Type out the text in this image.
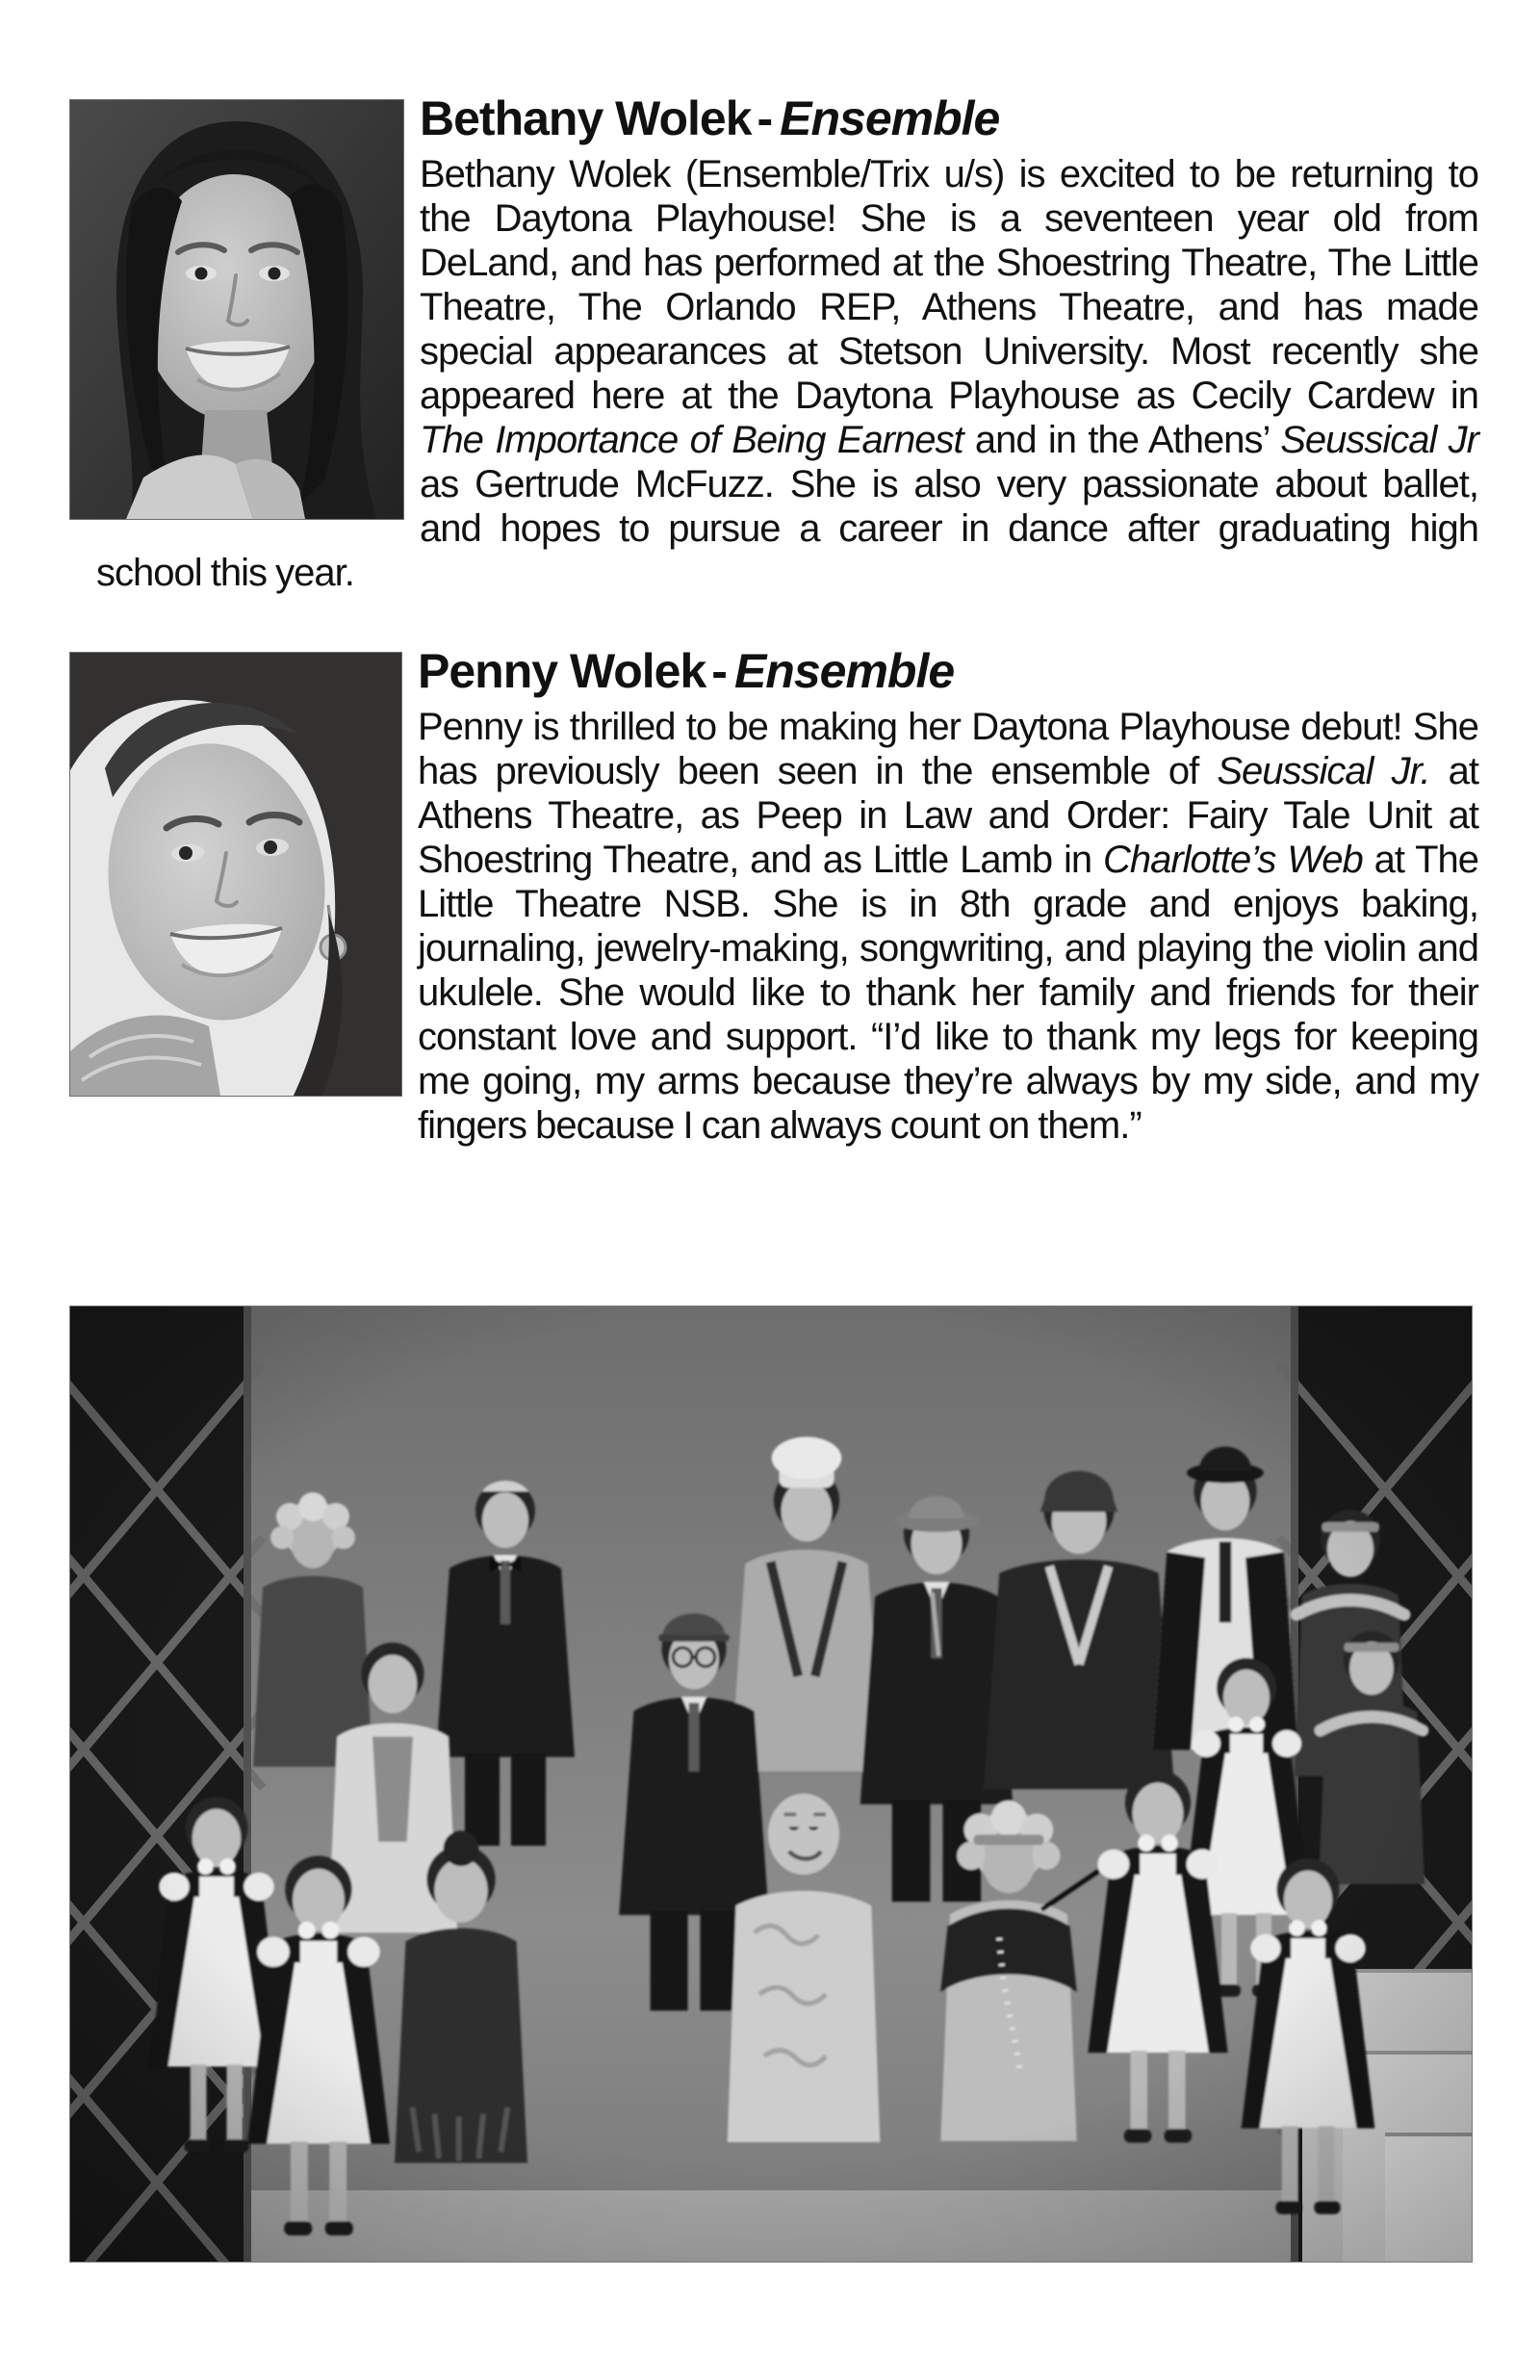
Bethany Wolek - Ensemble

Bethany Wolek (Ensemble/Trix u/s) is excited to be returning to the Daytona Playhouse! She is a seventeen year old from DeLand, and has performed at the Shoestring Theatre, The Little Theatre, The Orlando REP, Athens Theatre, and has made special appearances at Stetson University. Most recently she appeared here at the Daytona Playhouse as Cecily Cardew in The Importance of Being Earnest and in the Athens’ Seussical Jr as Gertrude McFuzz. She is also very passionate about ballet, and hopes to pursue a career in dance after graduating high school this year.

Penny Wolek - Ensemble

Penny is thrilled to be making her Daytona Playhouse debut! She has previously been seen in the ensemble of Seussical Jr. at Athens Theatre, as Peep in Law and Order: Fairy Tale Unit at Shoestring Theatre, and as Little Lamb in Charlotte’s Web at The Little Theatre NSB. She is in 8th grade and enjoys baking, journaling, jewelry-making, songwriting, and playing the violin and ukulele. She would like to thank her family and friends for their constant love and support. “I’d like to thank my legs for keeping me going, my arms because they’re always by my side, and my fingers because I can always count on them.”
